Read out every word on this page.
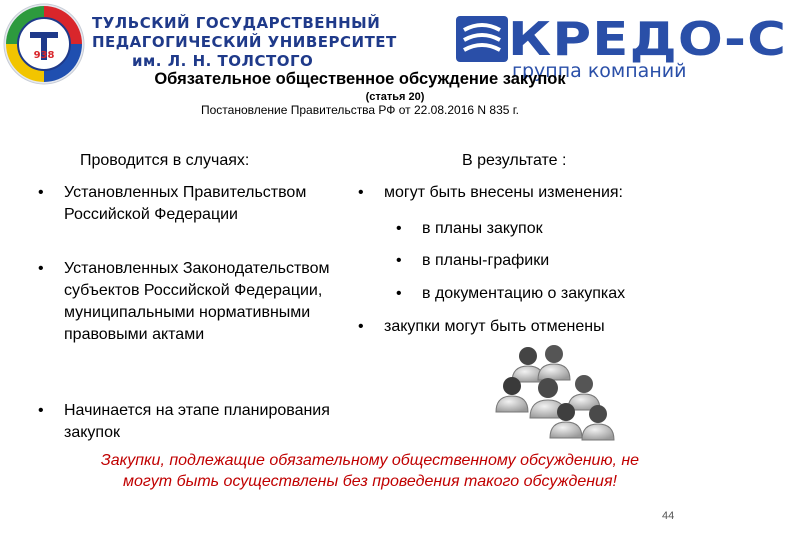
938
ТУЛЬСКИЙ ГОСУДАРСТВЕННЫЙ
ПЕДАГОГИЧЕСКИЙ УНИВЕРСИТЕТ
им. Л. Н. ТОЛСТОГО	КРЕДО-С
группа компаний
Обязательное общественное обсуждение закупок
(статья 20)
Постановление Правительства РФ от 22.08.2016 N 835 г.
Проводится в случаях:
• Установленных Правительством Российской Федерации
• Установленных Законодательством субъектов Российской Федерации, муниципальными нормативными правовыми актами
• Начинается на этапе планирования закупок
В результате :
• могут быть внесены изменения:
• в планы закупок
• в планы-графики
• в документацию о закупках
• закупки могут быть отменены
Закупки, подлежащие обязательному общественному обсуждению, не могут быть осуществлены без проведения такого обсуждения!
44
